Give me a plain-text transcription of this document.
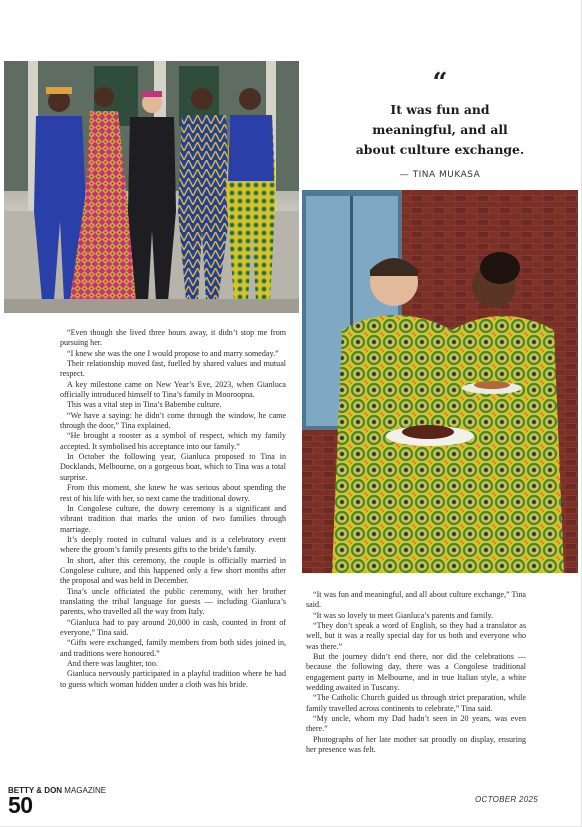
“
It was fun and
meaningful, and all
about culture exchange.
— TINA MUKASA

“Even though she lived three hours away, it didn’t stop me from pursuing her.

“I knew she was the one I would propose to and marry someday.”

Their relationship moved fast, fuelled by shared values and mutual respect.

A key milestone came on New Year’s Eve, 2023, when Gianluca officially introduced himself to Tina’s family in Mooroopna.

This was a vital step in Tina’s Babembe culture.

“We have a saying: he didn’t come through the window, he came through the door,” Tina explained.

“He brought a rooster as a symbol of respect, which my family accepted. It symbolised his acceptance into our family.”

In October the following year, Gianluca proposed to Tina in Docklands, Melbourne, on a gorgeous boat, which to Tina was a total surprise.

From this moment, she knew he was serious about spending the rest of his life with her, so next came the traditional dowry.

In Congolese culture, the dowry ceremony is a significant and vibrant tradition that marks the union of two families through marriage.

It’s deeply rooted in cultural values and is a celebratory event where the groom’s family presents gifts to the bride’s family.

In short, after this ceremony, the couple is officially married in Congolese culture, and this happened only a few short months after the proposal and was held in December.

Tina’s uncle officiated the public ceremony, with her brother translating the tribal language for guests — including Gianluca’s parents, who travelled all the way from Italy.

“Gianluca had to pay around 20,000 in cash, counted in front of everyone,” Tina said.

“Gifts were exchanged, family members from both sides joined in, and traditions were honoured.”

And there was laughter, too.

Gianluca nervously participated in a playful tradition where he had to guess which woman hidden under a cloth was his bride.

“It was fun and meaningful, and all about culture exchange,” Tina said.

“It was so lovely to meet Gianluca’s parents and family.

“They don’t speak a word of English, so they had a translator as well, but it was a really special day for us both and everyone who was there.”

But the journey didn’t end there, nor did the celebrations — because the following day, there was a Congolese traditional engagement party in Melbourne, and in true Italian style, a white wedding awaited in Tuscany.

“The Catholic Church guided us through strict preparation, while family travelled across continents to celebrate,” Tina said.

“My uncle, whom my Dad hadn’t seen in 20 years, was even there.”

Photographs of her late mother sat proudly on display, ensuring her presence was felt.

BETTY & DON MAGAZINE
50	OCTOBER 2025
